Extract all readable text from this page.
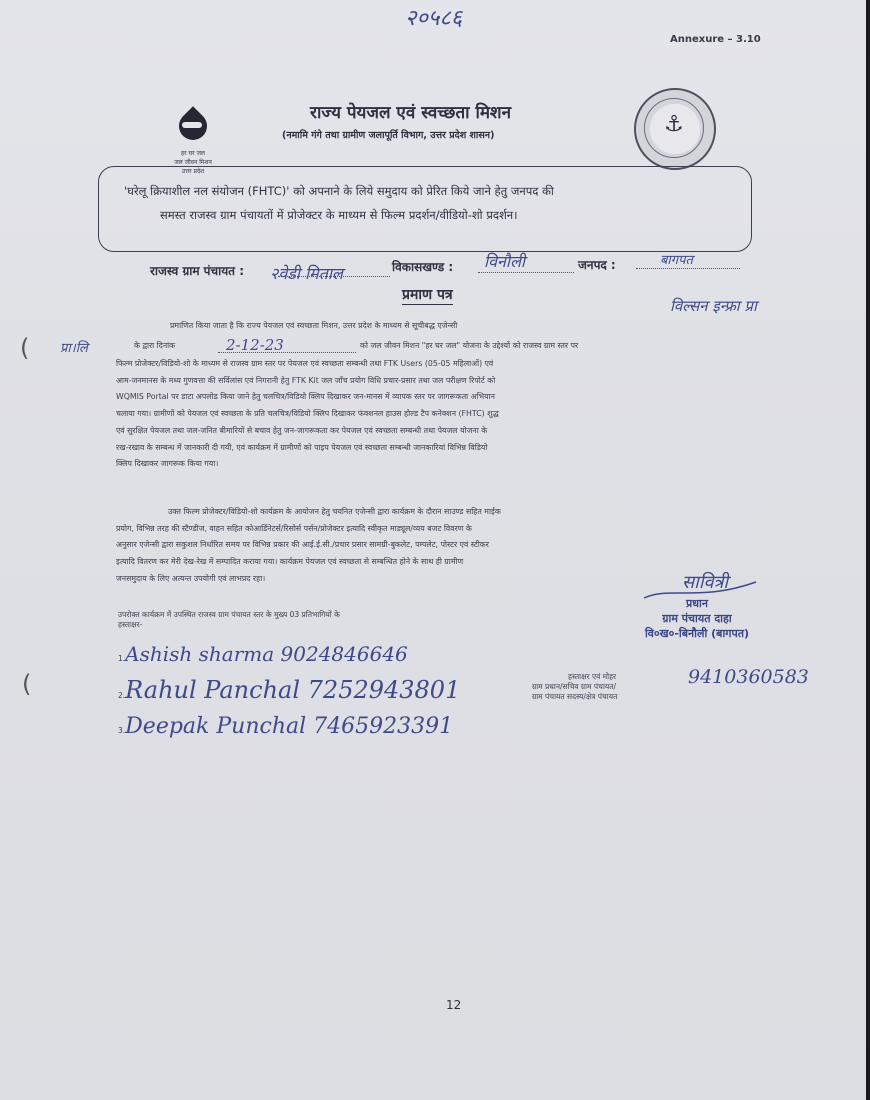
२०५८६
Annexure – 3.10
हर घर जल
जल जीवन मिशन
उत्तर प्रदेश
⚓
राज्य पेयजल एवं स्वच्छता मिशन
(नमामि गंगे तथा ग्रामीण जलापूर्ति विभाग, उत्तर प्रदेश शासन)
'घरेलू क्रियाशील नल संयोजन (FHTC)' को अपनाने के लिये समुदाय को प्रेरित किये जाने हेतु जनपद की
समस्त राजस्व ग्राम पंचायतों में प्रोजेक्टर के माध्यम से फिल्म प्रदर्शन/वीडियो-शो प्रदर्शन।
राजस्व ग्राम पंचायत : २वेडी मिताल	विकासखण्ड : विनौली	जनपद :	बागपत
प्रमाण पत्र
(
प्रमाणित किया जाता है कि राज्य पेयजल एवं स्वच्छता मिशन, उत्तर प्रदेश के माध्यम से सूचीबद्ध एजेन्सी
विल्सन इन्फ्रा प्रा
प्रा।लि	के द्वारा दिनांक	2-12-23	को जल जीवन मिशन "हर घर जल" योजना के उद्देश्यों को राजस्व ग्राम स्तर पर
फिल्म प्रोजेक्टर/विडियो-शो के माध्यम से राजस्व ग्राम स्तर पर पेयजल एवं स्वच्छता सम्बन्धी तथा FTK Users (05-05 महिलाओं) एवं
आम-जनमानस के मध्य गुणवत्ता की सर्विलांस एवं निगरानी हेतु FTK Kit जल जाँच प्रयोग विधि प्रचार-प्रसार तथा जल परीक्षण रिपोर्ट को
WQMIS Portal पर डाटा अपलोड किया जाने हेतु चलचित्र/विडियो क्लिप दिखाकर जन-मानस में व्यापक स्तर पर जागरूकता अभियान
चलाया गया। ग्रामीणों को पेयजल एवं स्वच्छता के प्रति चलचित्र/विडियो क्लिप दिखाकर फंक्शनल हाउस होल्ड टैप कनेक्शन (FHTC) शुद्ध
एवं सुरक्षित पेयजल तथा जल-जनित बीमारियों से बचाव हेतु जन-जागरूकता कर पेयजल एवं स्वच्छता सम्बन्धी तथा पेयजल योजना के
रख-रखाव के सम्बन्ध में जानकारी दी गयी, एवं कार्यक्रम में ग्रामीणों को पाइप पेयजल एवं स्वच्छता सम्बन्धी जानकारियां विभिन्न विडियो
क्लिप दिखाकर जागरूक किया गया।
उक्त फिल्म प्रोजेक्टर/विडियो-शो कार्यक्रम के आयोजन हेतु चयनित एजेन्सी द्वारा कार्यक्रम के दौरान साउण्ड सहित माईक
प्रयोग, विभिन्न तरह की स्टैण्डीज, वाहन सहित कोआर्डिनेटर्स/रिसोर्स पर्सन/प्रोजेक्टर इत्यादि स्वीकृत माड्यूल/व्यय बजट विवरण के
अनुसार एजेन्सी द्वारा सकुशल निर्धारित समय पर विभिन्न प्रकार की आई.ई.सी./प्रचार प्रसार सामग्री-बुकलेट, पम्पलेट, पोस्टर एवं स्टीकर
इत्यादि वितरण कर मेरी देख-रेख में सम्पादित कराया गया। कार्यक्रम पेयजल एवं स्वच्छता से सम्बन्धित होने के साथ ही ग्रामीण
जनसमुदाय के लिए अत्यन्त उपयोगी एवं लाभप्रद रहा।	सावित्री
प्रधान
ग्राम पंचायत दाहा
वि०ख०-बिनौली (बागपत)
उपरोक्त कार्यक्रम में उपस्थित राजस्व ग्राम पंचायत स्तर के मुख्य 03 प्रतिभागियों के
हस्ताक्षर-
(
1. Ashish sharma 9024846646
2. Rahul Panchal 7252943801
3. Deepak Punchal 7465923391
हस्ताक्षर एवं मोहर
ग्राम प्रधान/सचिव ग्राम पंचायत/
ग्राम पंचायत सदस्य/क्षेत्र पंचायत
9410360583
12
